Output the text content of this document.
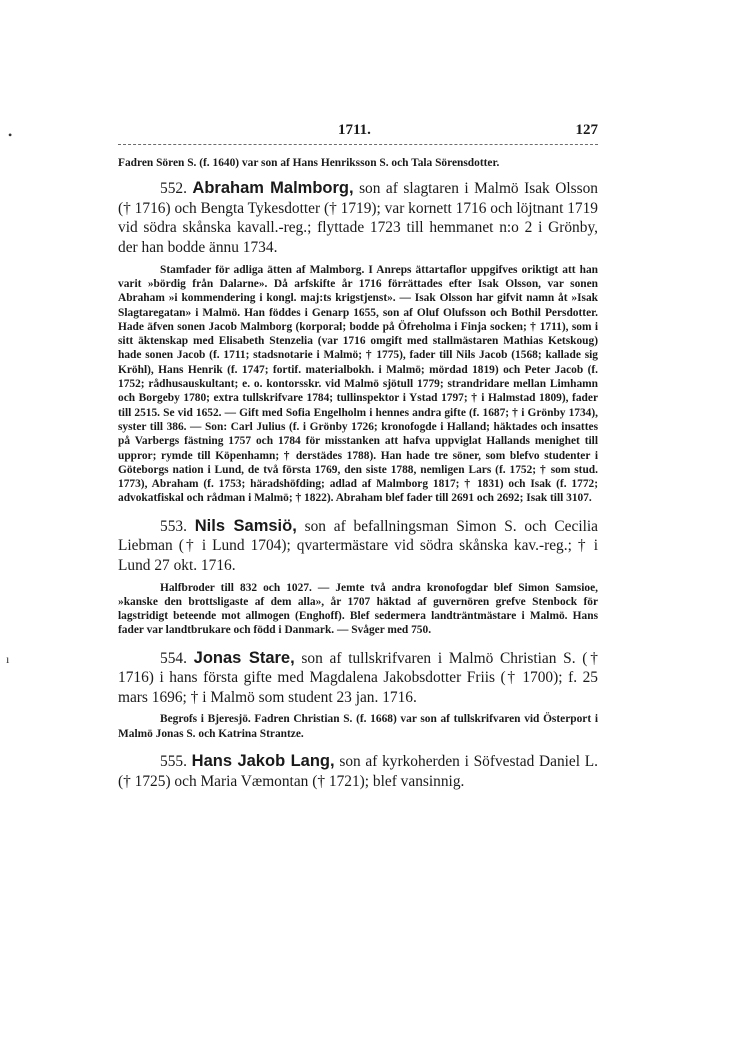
•
ı
1711.	127

Fadren Sören S. (f. 1640) var son af Hans Henriksson S. och Tala Sörensdotter.

552. Abraham Malmborg, son af slagtaren i Malmö Isak Olsson († 1716) och Bengta Tykesdotter († 1719); var kornett 1716 och löjtnant 1719 vid södra skånska kavall.-reg.; flyttade 1723 till hemmanet n:o 2 i Grönby, der han bodde ännu 1734.

Stamfader för adliga ätten af Malmborg. I Anreps ättartaflor uppgifves oriktigt att han varit »bördig från Dalarne». Då arfskifte år 1716 förrättades efter Isak Olsson, var sonen Abraham »i kommendering i kongl. maj:ts krigstjenst». — Isak Olsson har gifvit namn åt »Isak Slagtaregatan» i Malmö. Han föddes i Genarp 1655, son af Oluf Olufsson och Bothil Persdotter. Hade äfven sonen Jacob Malmborg (korporal; bodde på Öfreholma i Finja socken; † 1711), som i sitt äktenskap med Elisabeth Stenzelia (var 1716 omgift med stallmästaren Mathias Ketskoug) hade sonen Jacob (f. 1711; stadsnotarie i Malmö; † 1775), fader till Nils Jacob (1568; kallade sig Kröhl), Hans Henrik (f. 1747; fortif. materialbokh. i Malmö; mördad 1819) och Peter Jacob (f. 1752; rådhusauskultant; e. o. kontorsskr. vid Malmö sjötull 1779; strandridare mellan Limhamn och Borgeby 1780; extra tullskrifvare 1784; tullinspektor i Ystad 1797; † i Halmstad 1809), fader till 2515. Se vid 1652. — Gift med Sofia Engelholm i hennes andra gifte (f. 1687; † i Grönby 1734), syster till 386. — Son: Carl Julius (f. i Grönby 1726; kronofogde i Halland; häktades och insattes på Varbergs fästning 1757 och 1784 för misstanken att hafva uppviglat Hallands menighet till uppror; rymde till Köpenhamn; † derstädes 1788). Han hade tre söner, som blefvo studenter i Göteborgs nation i Lund, de två första 1769, den siste 1788, nemligen Lars (f. 1752; † som stud. 1773), Abraham (f. 1753; häradshöfding; adlad af Malmborg 1817; † 1831) och Isak (f. 1772; advokatfiskal och rådman i Malmö; † 1822). Abraham blef fader till 2691 och 2692; Isak till 3107.

553. Nils Samsiö, son af befallningsman Simon S. och Cecilia Liebman († i Lund 1704); qvartermästare vid södra skånska kav.-reg.; † i Lund 27 okt. 1716.

Halfbroder till 832 och 1027. — Jemte två andra kronofogdar blef Simon Samsioe, »kanske den brottsligaste af dem alla», år 1707 häktad af guvernören grefve Stenbock för lagstridigt beteende mot allmogen (Enghoff). Blef sedermera landträntmästare i Malmö. Hans fader var landtbrukare och född i Danmark. — Svåger med 750.

554. Jonas Stare, son af tullskrifvaren i Malmö Christian S. († 1716) i hans första gifte med Magdalena Jakobsdotter Friis († 1700); f. 25 mars 1696; † i Malmö som student 23 jan. 1716.

Begrofs i Bjeresjö. Fadren Christian S. (f. 1668) var son af tullskrifvaren vid Österport i Malmö Jonas S. och Katrina Strantze.

555. Hans Jakob Lang, son af kyrkoherden i Söfvestad Daniel L. († 1725) och Maria Væmontan († 1721); blef vansinnig.
